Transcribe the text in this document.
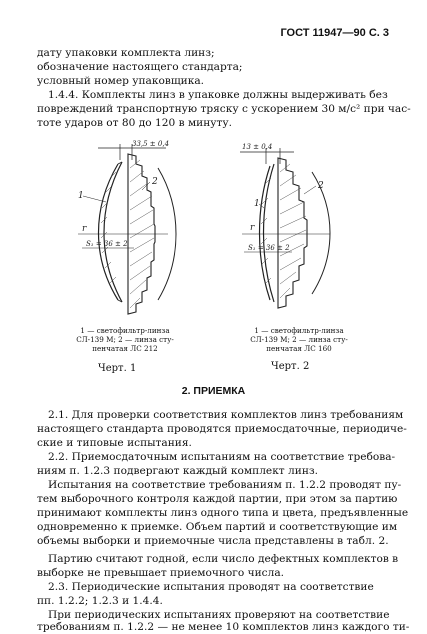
ГОСТ 11947—90 С. 3
дату упаковки комплекта линз;
обозначение настоящего стандарта;
условный номер упаковщика.
1.4.4. Комплекты линз в упаковке должны выдерживать без
повреждений транспортную тряску с ускорением 30 м/с² при час-
тоте ударов от 80 до 120 в минуту.
33,5 ± 0,4
S₁ = 36 ± 2
1
2
r
13 ± 0,4
S₁ = 36 ± 2
1
2
r
1 — светофильтр-линза
СЛ-139 М; 2 — линза сту-
пенчатая ЛС 212
Черт. 1
1 — светофильтр-линза
СЛ-139 М; 2 — линза сту-
пенчатая ЛС 160
Черт. 2
2. ПРИЕМКА
2.1. Для проверки соответствия комплектов линз требованиям
настоящего стандарта проводятся приемосдаточные, периодиче-
ские и типовые испытания.
2.2. Приемосдаточным испытаниям на соответствие требова-
ниям п. 1.2.3 подвергают каждый комплект линз.
Испытания на соответствие требованиям п. 1.2.2 проводят пу-
тем выборочного контроля каждой партии, при этом за партию
принимают комплекты линз одного типа и цвета, предъявленные
одновременно к приемке. Объем партий и соответствующие им
объемы выборки и приемочные числа представлены в табл. 2.
Партию считают годной, если число дефектных комплектов в
выборке не превышает приемочного числа.
2.3. Периодические испытания проводят на соответствие
пп. 1.2.2; 1.2.3 и 1.4.4.
При периодических испытаниях проверяют на соответствие
требованиям п. 1.2.2 — не менее 10 комплектов линз каждого ти-
